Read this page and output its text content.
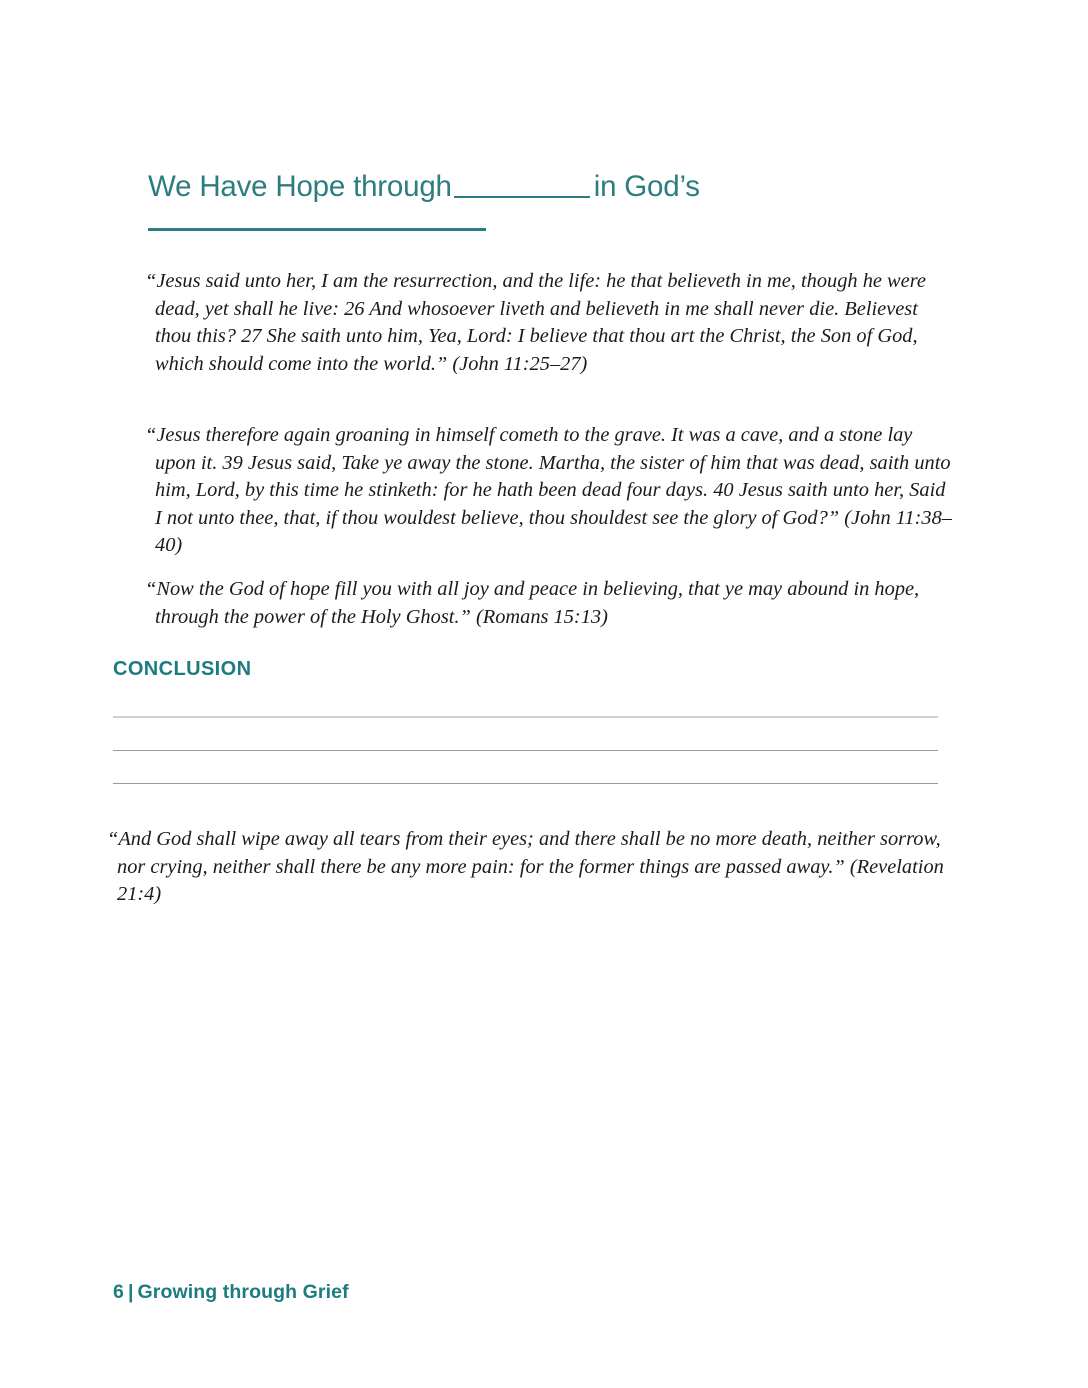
We Have Hope through	in God’s
“Jesus said unto her, I am the resurrection, and the life: he that believeth in me, though he were dead, yet shall he live: 26 And whosoever liveth and believeth in me shall never die. Believest thou this? 27 She saith unto him, Yea, Lord: I believe that thou art the Christ, the Son of God, which should come into the world.” (John 11:25–27)
“Jesus therefore again groaning in himself cometh to the grave. It was a cave, and a stone lay upon it. 39 Jesus said, Take ye away the stone. Martha, the sister of him that was dead, saith unto him, Lord, by this time he stinketh: for he hath been dead four days. 40 Jesus saith unto her, Said I not unto thee, that, if thou wouldest believe, thou shouldest see the glory of God?” (John 11:38–40)
“Now the God of hope fill you with all joy and peace in believing, that ye may abound in hope, through the power of the Holy Ghost.” (Romans 15:13)
CONCLUSION
“And God shall wipe away all tears from their eyes; and there shall be no more death, neither sorrow, nor crying, neither shall there be any more pain: for the former things are passed away.” (Revelation 21:4)
6 | Growing through Grief
